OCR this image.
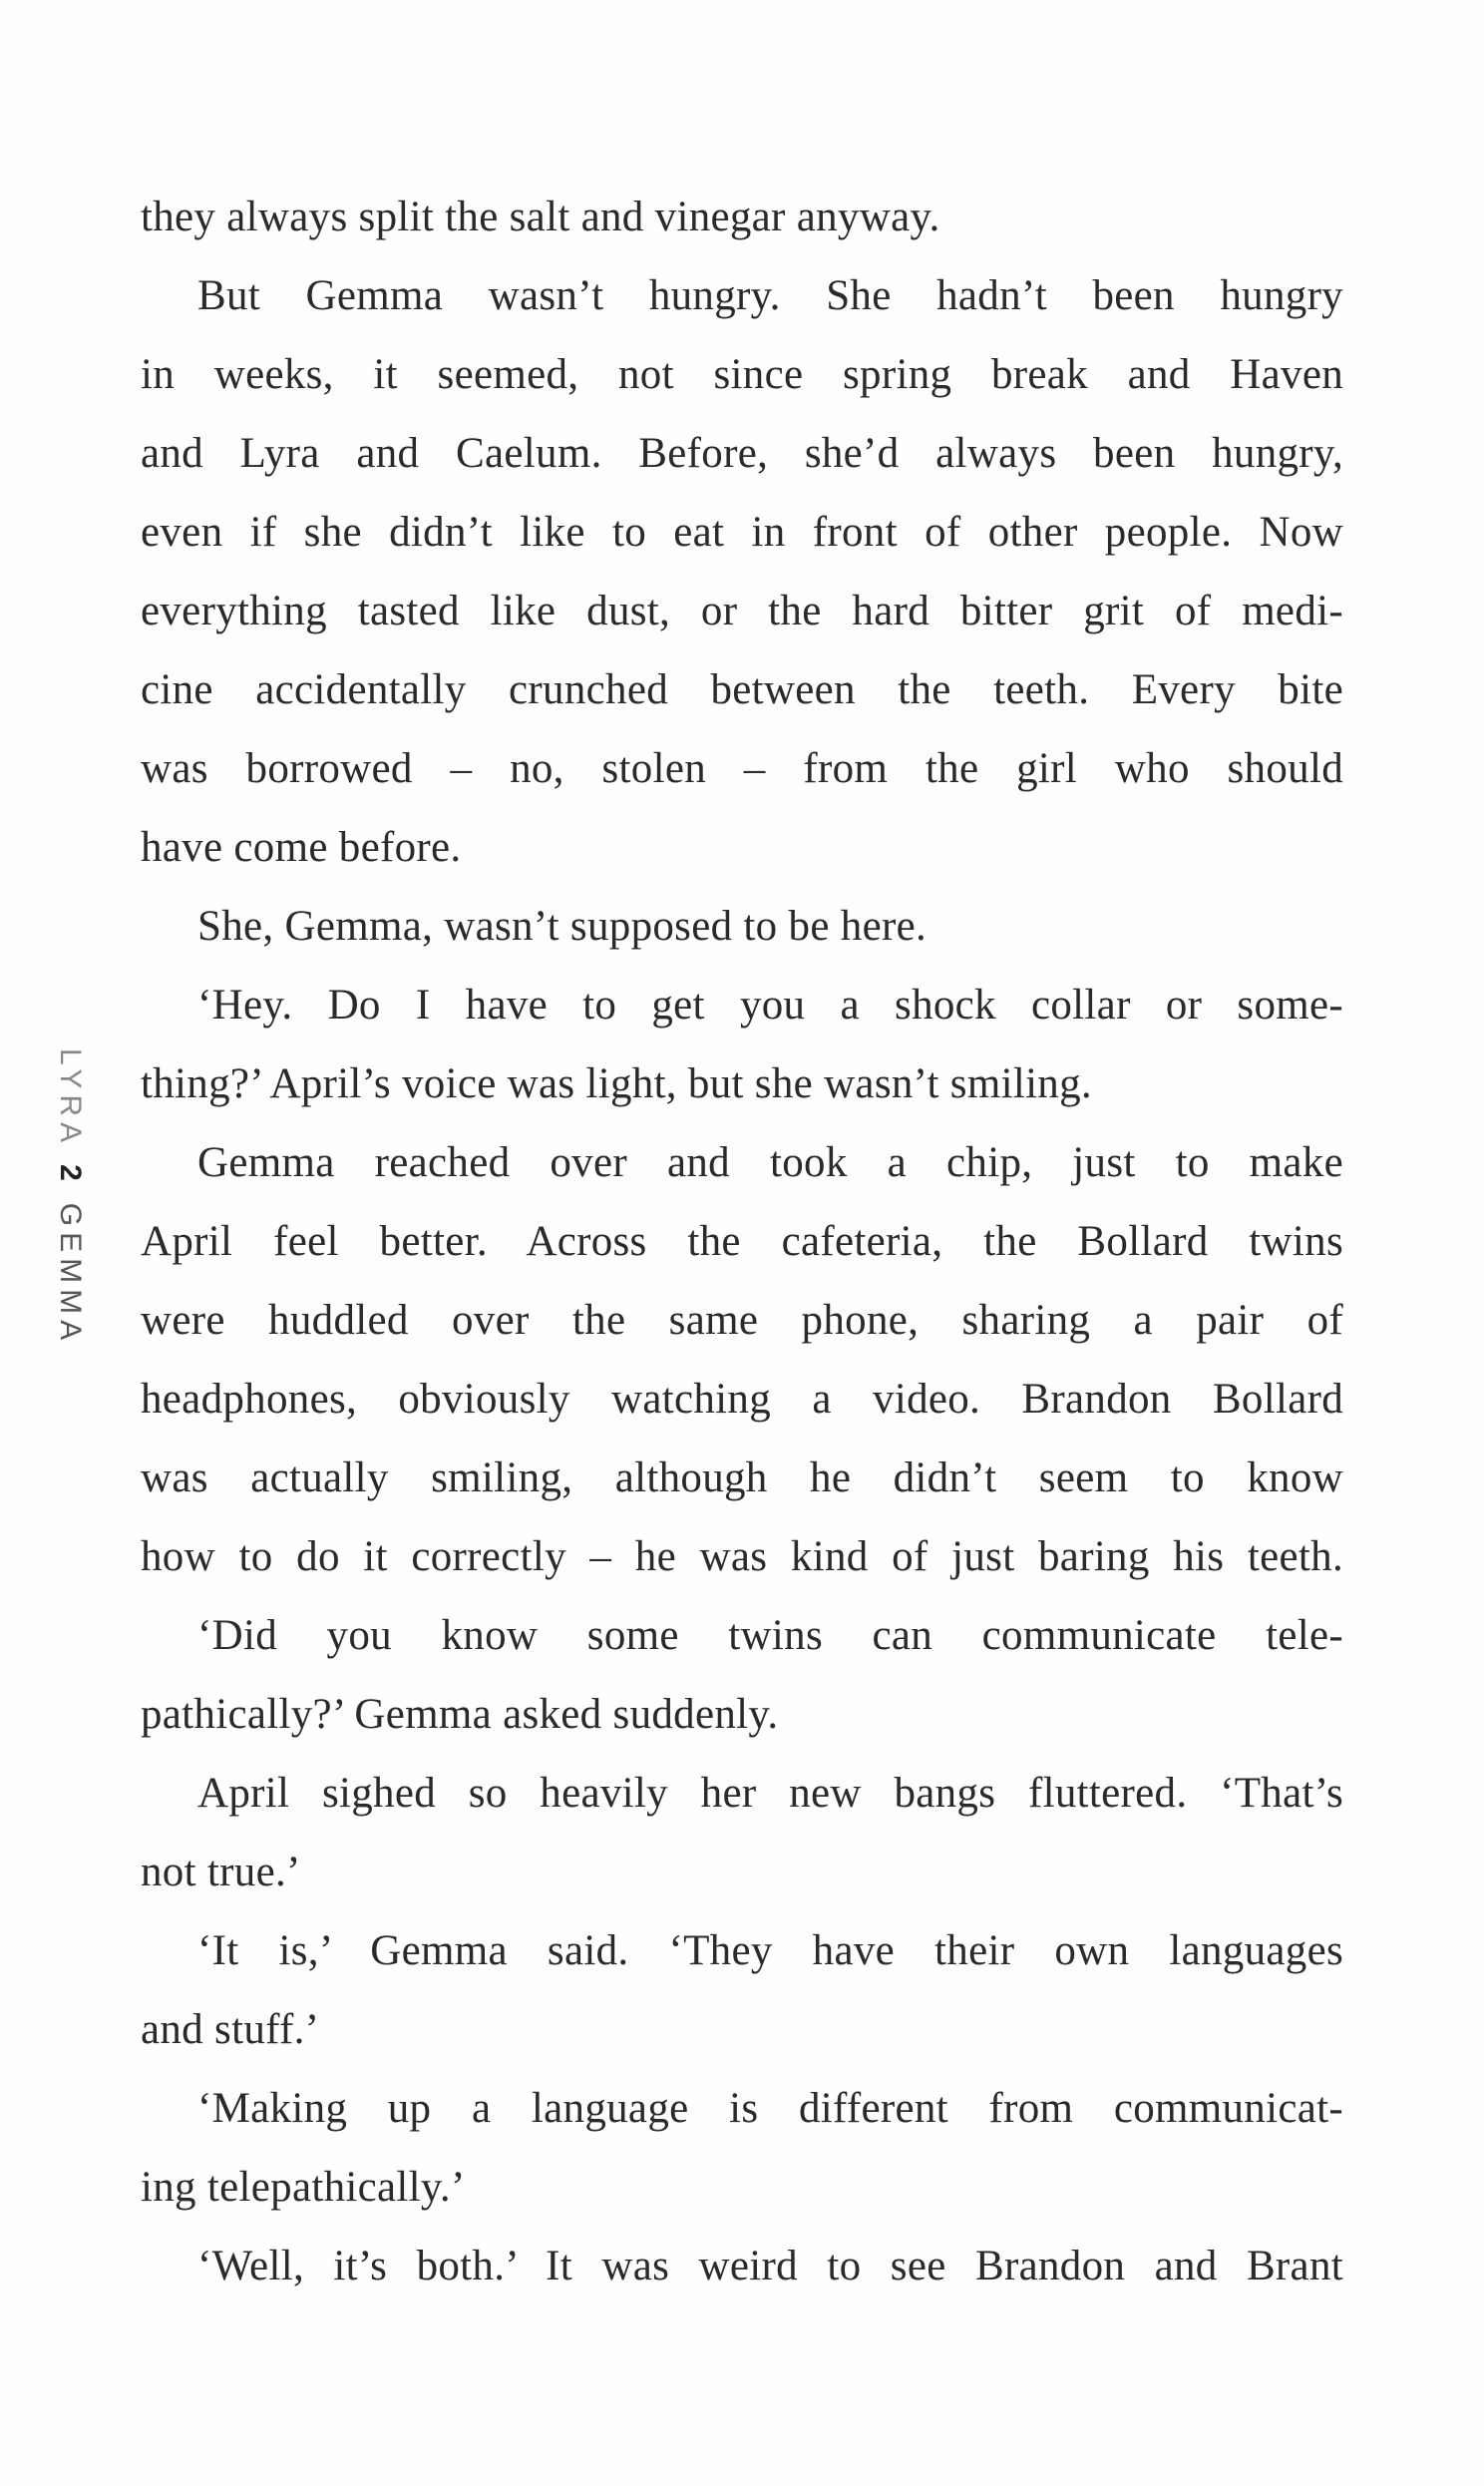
LYRA2GEMMA
they always split the salt and vinegar anyway.
But Gemma wasn’t hungry. She hadn’t been hungry
in weeks, it seemed, not since spring break and Haven
and Lyra and Caelum. Before, she’d always been hungry,
even if she didn’t like to eat in front of other people. Now
everything tasted like dust, or the hard bitter grit of medi-
cine accidentally crunched between the teeth. Every bite
was borrowed – no, stolen – from the girl who should
have come before.
She, Gemma, wasn’t supposed to be here.
‘Hey. Do I have to get you a shock collar or some-
thing?’ April’s voice was light, but she wasn’t smiling.
Gemma reached over and took a chip, just to make
April feel better. Across the cafeteria, the Bollard twins
were huddled over the same phone, sharing a pair of
headphones, obviously watching a video. Brandon Bollard
was actually smiling, although he didn’t seem to know
how to do it correctly – he was kind of just baring his teeth.
‘Did you know some twins can communicate tele-
pathically?’ Gemma asked suddenly.
April sighed so heavily her new bangs fluttered. ‘That’s
not true.’
‘It is,’ Gemma said. ‘They have their own languages
and stuff.’
‘Making up a language is different from communicat-
ing telepathically.’
‘Well, it’s both.’ It was weird to see Brandon and Brant
